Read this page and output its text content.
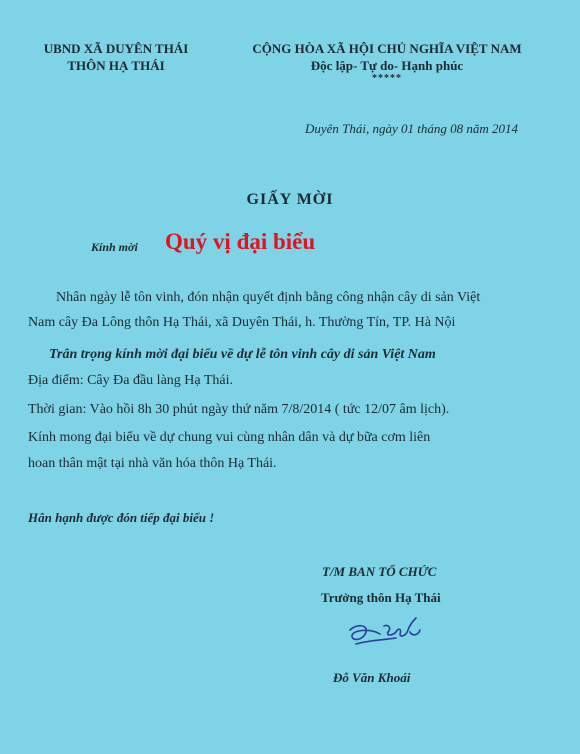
UBND XÃ DUYÊN THÁI
THÔN HẠ THÁI
CỘNG HÒA XÃ HỘI CHỦ NGHĨA VIỆT NAM
Độc lập- Tự do- Hạnh phúc
*****
Duyên Thái, ngày 01 tháng 08 năm 2014
GIẤY MỜI
Kính mời Quý vị đại biểu
Nhân ngày lễ tôn vinh, đón nhận quyết định bằng công nhận cây di sản Việt
Nam cây Đa Lông thôn Hạ Thái, xã Duyên Thái, h. Thường Tín, TP. Hà Nội
Trân trọng kính mời đại biểu về dự lễ tôn vinh cây di sản Việt Nam
Địa điểm: Cây Đa đầu làng Hạ Thái.
Thời gian: Vào hồi 8h 30 phút ngày thứ năm 7/8/2014 ( tức 12/07 âm lịch).
Kính mong đại biểu về dự chung vui cùng nhân dân và dự bữa cơm liên
hoan thân mật tại nhà văn hóa thôn Hạ Thái.
Hân hạnh được đón tiếp đại biểu !
T/M BAN TỔ CHỨC
Trưởng thôn Hạ Thái
Đỗ Văn Khoái
